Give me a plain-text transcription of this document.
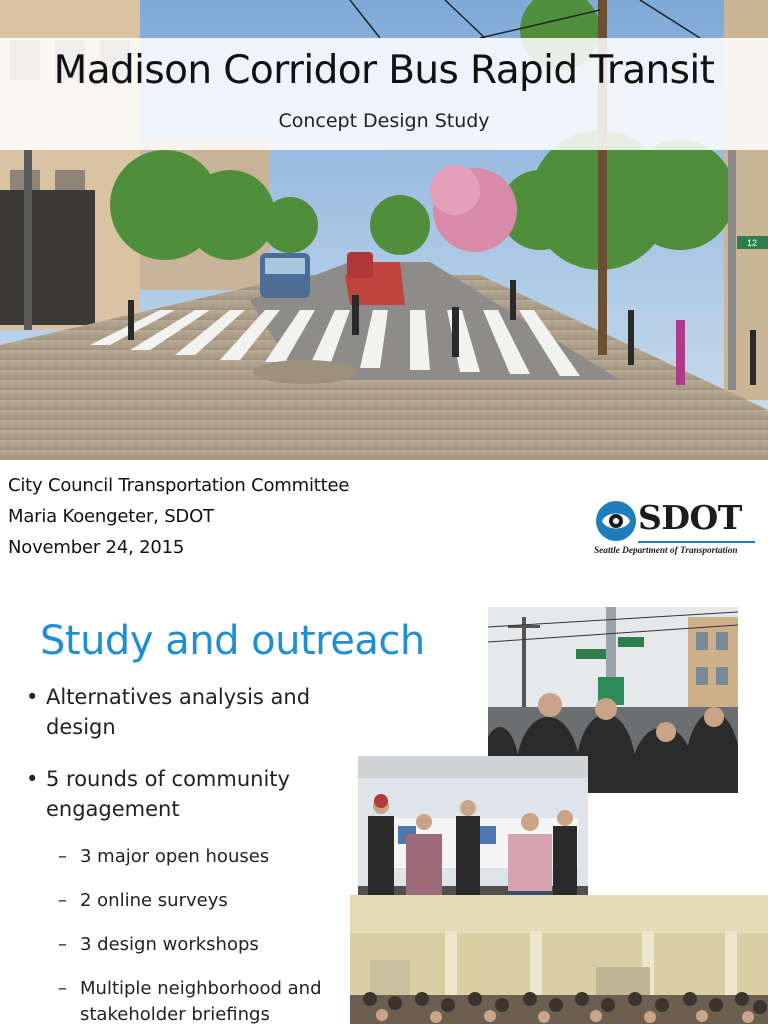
12
Madison Corridor Bus Rapid Transit
Concept Design Study
City Council Transportation Committee
Maria Koengeter, SDOT
November 24, 2015
SDOT
Seattle Department of Transportation
Study and outreach
• Alternatives analysis and design
• 5 rounds of community engagement
– 3 major open houses
– 2 online surveys
– 3 design workshops
– Multiple neighborhood and stakeholder briefings
